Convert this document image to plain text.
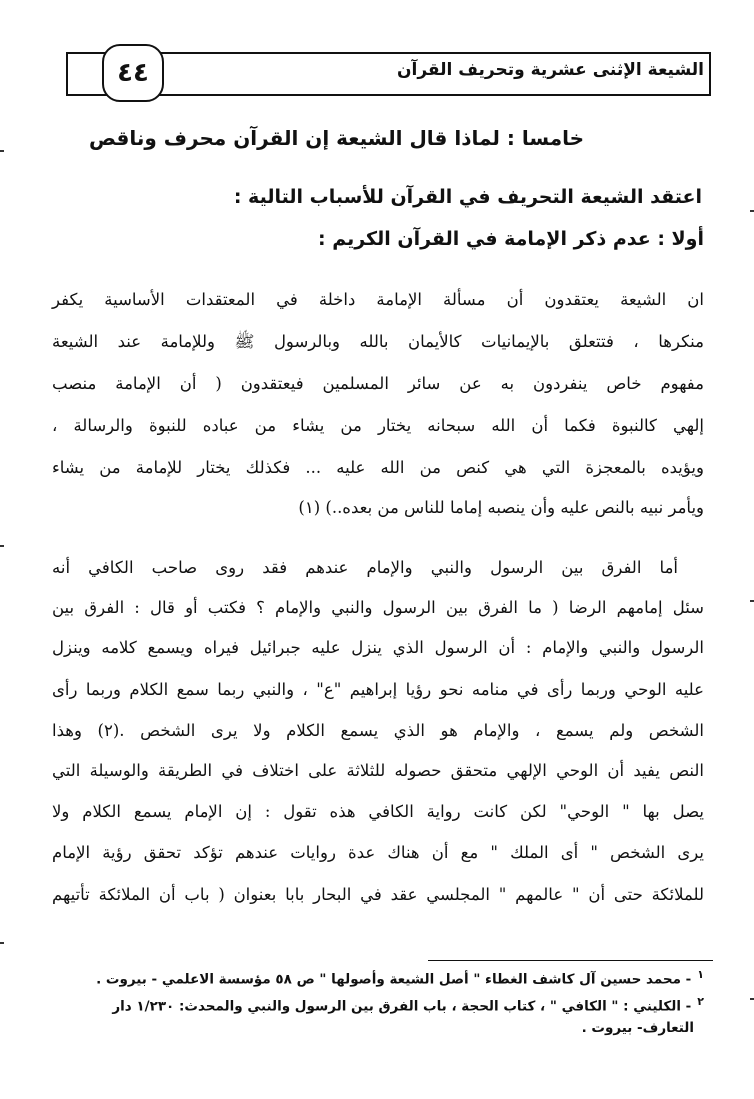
٤٤	الشيعة الإثنى عشرية وتحريف القرآن
خامسا : لماذا قال الشيعة إن القرآن محرف وناقص
اعتقد الشيعة التحريف في القرآن للأسباب التالية :
أولا : عدم ذكر الإمامة في القرآن الكريم :
ان الشيعة يعتقدون أن مسألة الإمامة داخلة في المعتقدات الأساسية يكفر
منكرها ، فتتعلق بالإيمانيات كالأيمان بالله وبالرسول ﷺ وللإمامة عند الشيعة
مفهوم خاص ينفردون به عن سائر المسلمين فيعتقدون ( أن الإمامة منصب
إلهي كالنبوة فكما أن الله سبحانه يختار من يشاء من عباده للنبوة والرسالة ،
ويؤيده بالمعجزة التي هي كنص من الله عليه ... فكذلك يختار للإمامة من يشاء
ويأمر نبيه بالنص عليه وأن ينصبه إماما للناس من بعده..) (١)
أما الفرق بين الرسول والنبي والإمام عندهم فقد روى صاحب الكافي أنه
سئل إمامهم الرضا ( ما الفرق بين الرسول والنبي والإمام ؟ فكتب أو قال : الفرق بين
الرسول والنبي والإمام : أن الرسول الذي ينزل عليه جبرائيل فيراه ويسمع كلامه وينزل
عليه الوحي وربما رأى في منامه نحو رؤيا إبراهيم "ع" ، والنبي ربما سمع الكلام وربما رأى
الشخص ولم يسمع ، والإمام هو الذي يسمع الكلام ولا يرى الشخص .(٢) وهذا
النص يفيد أن الوحي الإلهي متحقق حصوله للثلاثة على اختلاف في الطريقة والوسيلة التي
يصل بها " الوحي" لكن كانت رواية الكافي هذه تقول : إن الإمام يسمع الكلام ولا
يرى الشخص " أى الملك " مع أن هناك عدة روايات عندهم تؤكد تحقق رؤية الإمام
للملائكة حتى أن " عالمهم " المجلسي عقد في البحار بابا بعنوان ( باب أن الملائكة تأتيهم
$^١$- محمد حسين آل كاشف الغطاء " أصل الشيعة وأصولها " ص ٥٨ مؤسسة الاعلمي - بيروت .
$^٢$- الكليني : " الكافي " ، كتاب الحجة ، باب الفرق بين الرسول والنبي والمحدث: ١/٢٣٠ دار
التعارف- بيروت .
